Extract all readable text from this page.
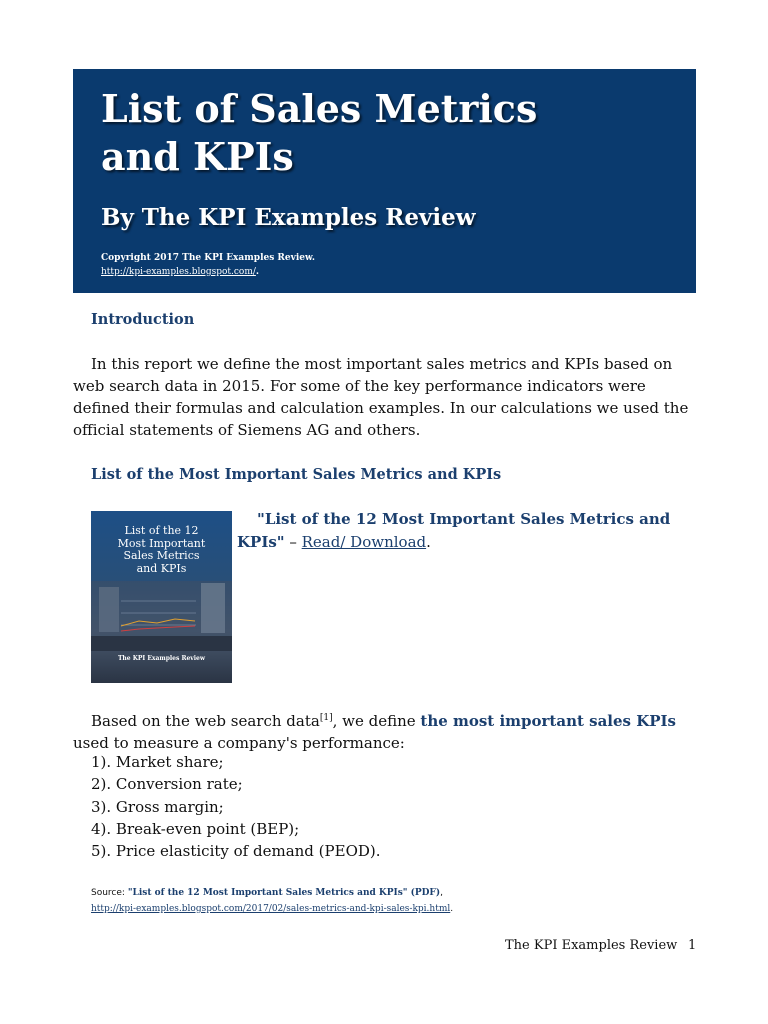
List of Sales Metrics
and KPIs
By The KPI Examples Review
Copyright 2017 The KPI Examples Review.
http://kpi-examples.blogspot.com/.
Introduction

In this report we define the most important sales metrics and KPIs based on web search data in 2015. For some of the key performance indicators were defined their formulas and calculation examples. In our calculations we used the official statements of Siemens AG and others.

List of the Most Important Sales Metrics and KPIs
List of the 12
Most Important
Sales Metrics
and KPIs
The KPI Examples Review

"List of the 12 Most Important Sales Metrics and KPIs" – Read/ Download.

Based on the web search data[1], we define the most important sales KPIs used to measure a company's performance:

1). Market share;
2). Conversion rate;
3). Gross margin;
4). Break-even point (BEP);
5). Price elasticity of demand (PEOD).

Source: "List of the 12 Most Important Sales Metrics and KPIs" (PDF),
http://kpi-examples.blogspot.com/2017/02/sales-metrics-and-kpi-sales-kpi.html.

The KPI Examples Review 1
